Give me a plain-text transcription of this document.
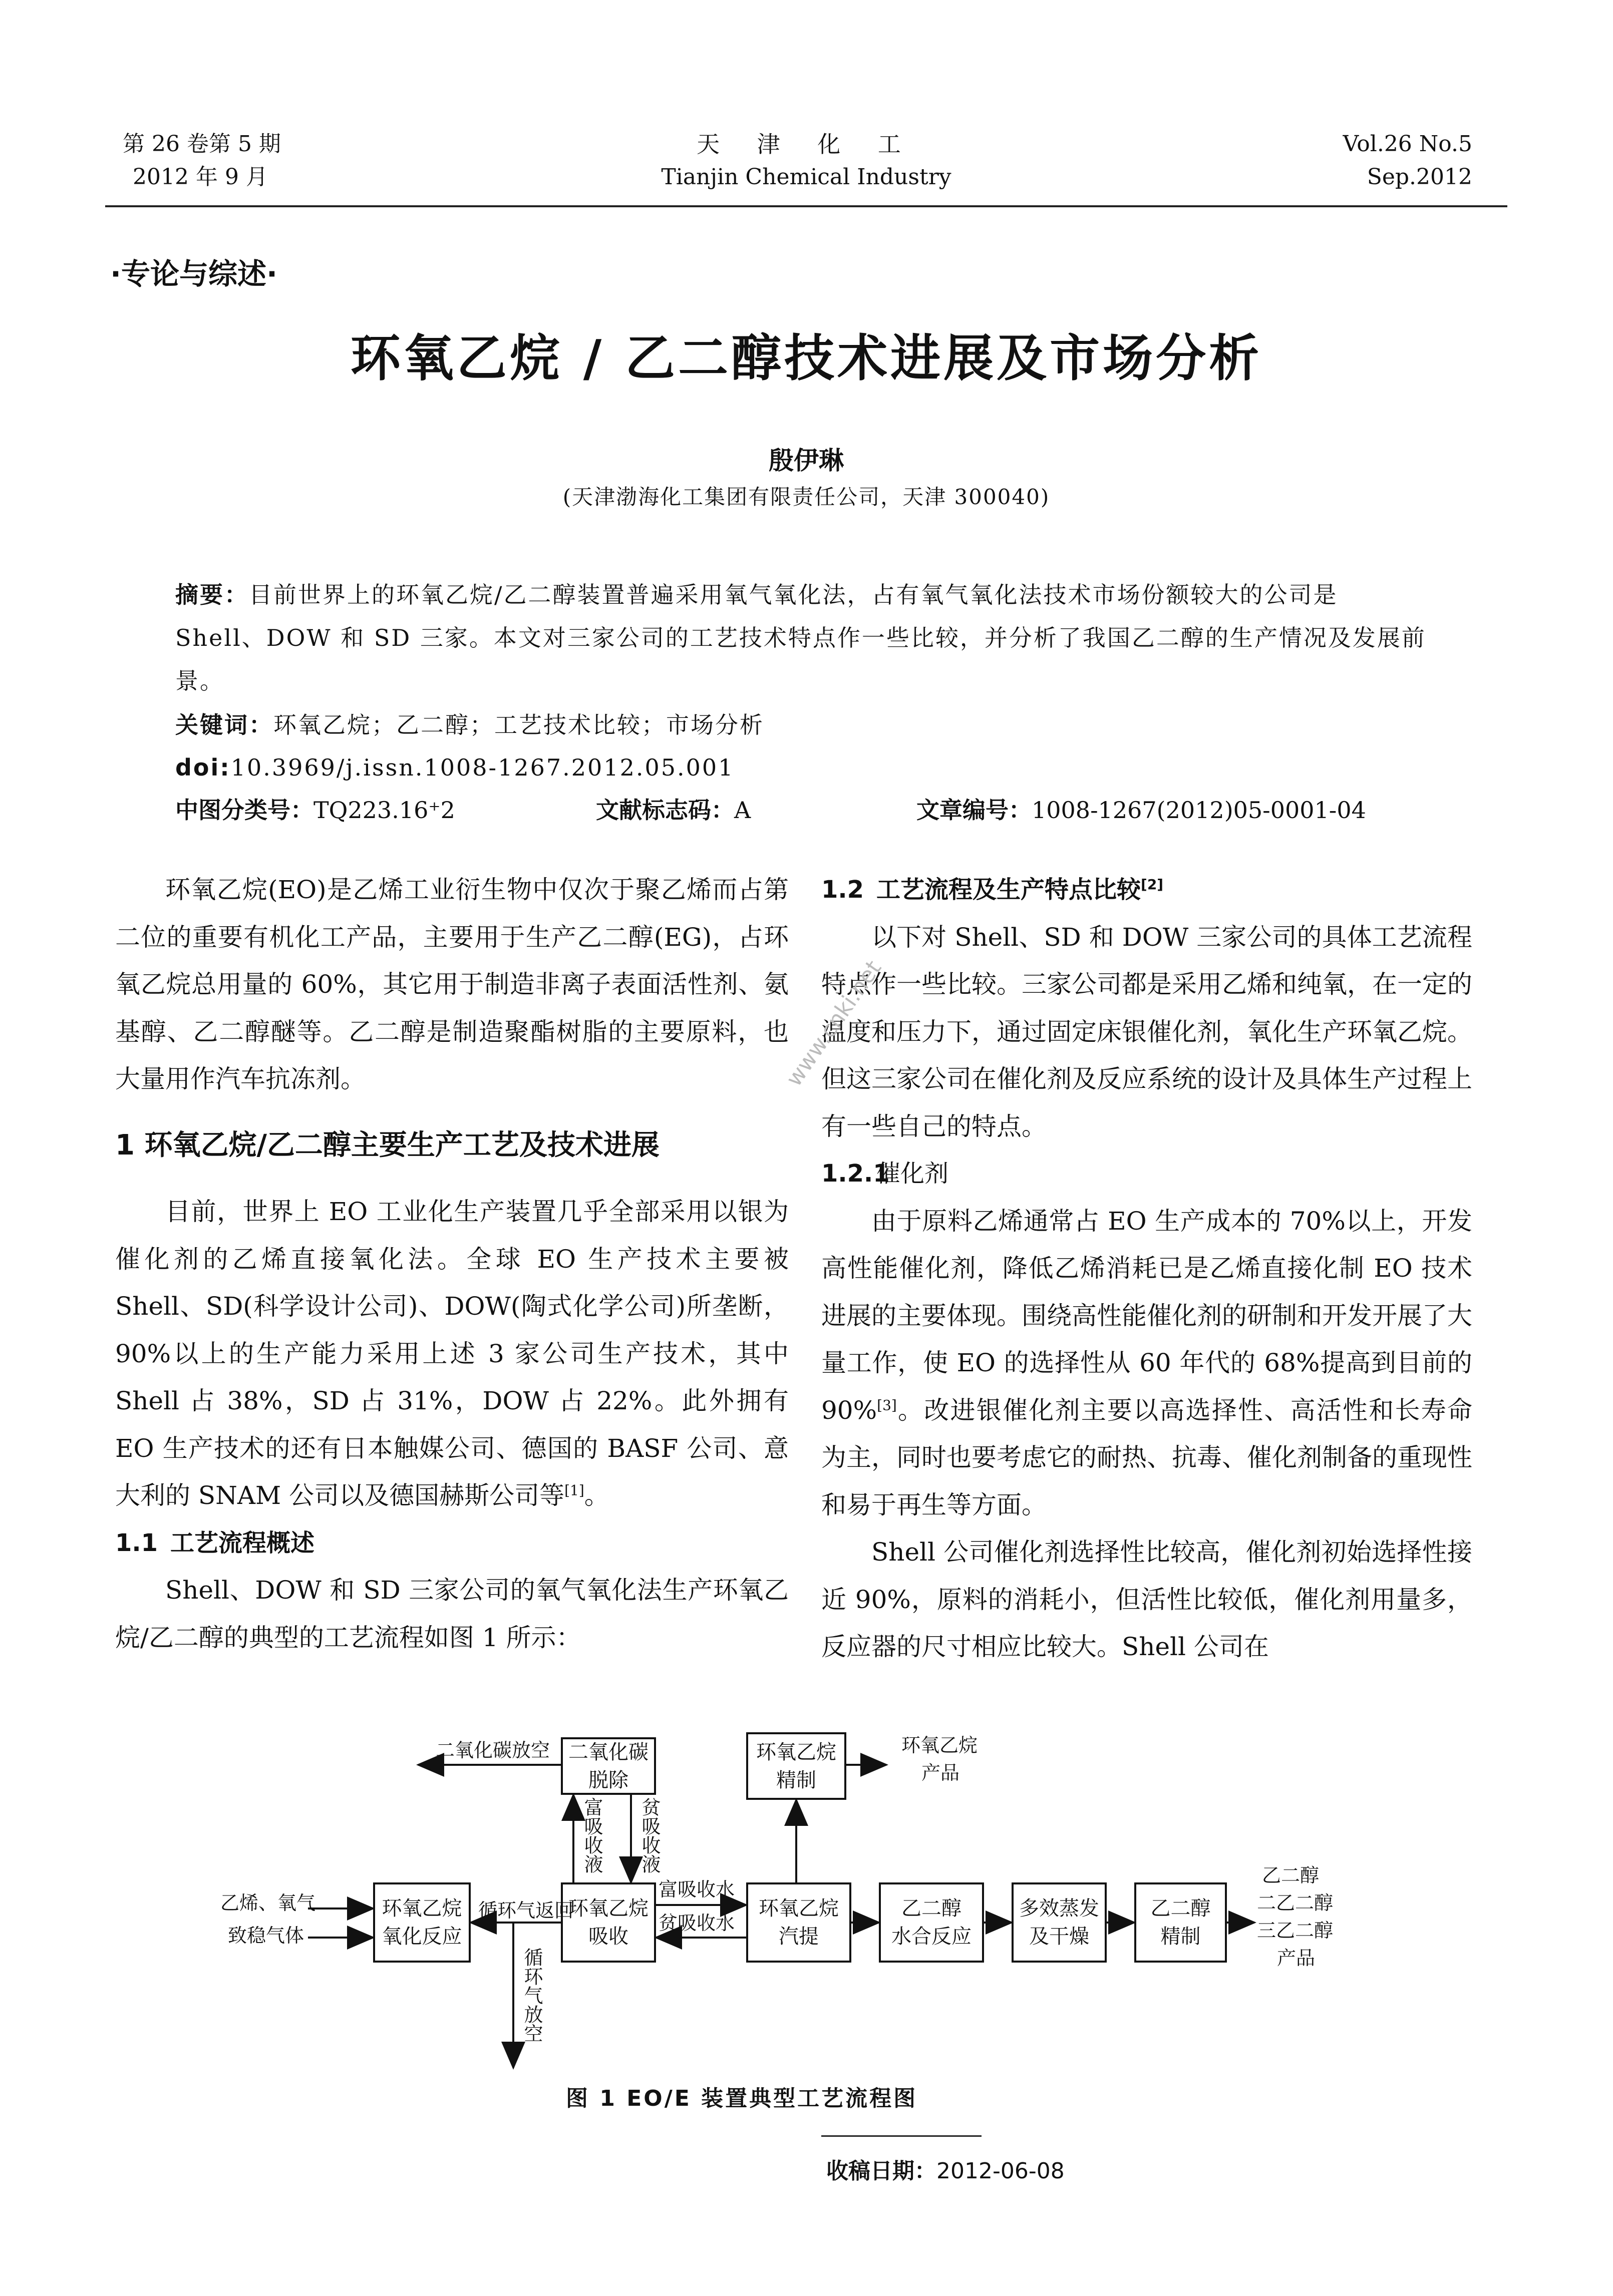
第 26 卷第 5 期
2012 年 9 月
天 津 化 工
Tianjin Chemical Industry
Vol.26 No.5
Sep.2012
·专论与综述·
环氧乙烷 / 乙二醇技术进展及市场分析
殷伊琳
(天津渤海化工集团有限责任公司，天津 300040)
摘要：目前世界上的环氧乙烷/乙二醇装置普遍采用氧气氧化法，占有氧气氧化法技术市场份额较大的公司是 Shell、DOW 和 SD 三家。本文对三家公司的工艺技术特点作一些比较，并分析了我国乙二醇的生产情况及发展前景。
关键词：环氧乙烷；乙二醇；工艺技术比较；市场分析
doi:10.3969/j.issn.1008-1267.2012.05.001
中图分类号：TQ223.16⁺2	文献标志码：A	文章编号：1008-1267(2012)05-0001-04

环氧乙烷(EO)是乙烯工业衍生物中仅次于聚乙烯而占第二位的重要有机化工产品，主要用于生产乙二醇(EG)，占环氧乙烷总用量的 60%，其它用于制造非离子表面活性剂、氨基醇、乙二醇醚等。乙二醇是制造聚酯树脂的主要原料，也大量用作汽车抗冻剂。

1 环氧乙烷/乙二醇主要生产工艺及技术进展

目前，世界上 EO 工业化生产装置几乎全部采用以银为催化剂的乙烯直接氧化法。全球 EO 生产技术主要被 Shell、SD(科学设计公司)、DOW(陶式化学公司)所垄断，90%以上的生产能力采用上述 3 家公司生产技术，其中 Shell 占 38%，SD 占 31%，DOW 占 22%。此外拥有 EO 生产技术的还有日本触媒公司、德国的 BASF 公司、意大利的 SNAM 公司以及德国赫斯公司等[1]。

1.1 工艺流程概述

Shell、DOW 和 SD 三家公司的氧气氧化法生产环氧乙烷/乙二醇的典型的工艺流程如图 1 所示：

1.2 工艺流程及生产特点比较[2]

以下对 Shell、SD 和 DOW 三家公司的具体工艺流程特点作一些比较。三家公司都是采用乙烯和纯氧，在一定的温度和压力下，通过固定床银催化剂，氧化生产环氧乙烷。但这三家公司在催化剂及反应系统的设计及具体生产过程上有一些自己的特点。

1.2.1催化剂

由于原料乙烯通常占 EO 生产成本的 70%以上，开发高性能催化剂，降低乙烯消耗已是乙烯直接化制 EO 技术进展的主要体现。围绕高性能催化剂的研制和开发开展了大量工作，使 EO 的选择性从 60 年代的 68%提高到目前的 90%[3]。改进银催化剂主要以高选择性、高活性和长寿命为主，同时也要考虑它的耐热、抗毒、催化剂制备的重现性和易于再生等方面。

Shell 公司催化剂选择性比较高，催化剂初始选择性接近 90%，原料的消耗小，但活性比较低，催化剂用量多，反应器的尺寸相应比较大。Shell 公司在

www.cnki.net
二氧化碳
脱除
环氧乙烷
精制
环氧乙烷
氧化反应
环氧乙烷
吸收
环氧乙烷
汽提
乙二醇
水合反应
多效蒸发
及干燥
乙二醇
精制
二氧化碳放空	环氧乙烷
产品
乙烯、氧气
致稳气体
循环气返回
循环气放空
富吸收液 贫吸收液
富吸收水
贫吸收水
乙二醇
二乙二醇
三乙二醇
产品
图 1 EO/E 装置典型工艺流程图
收稿日期：2012-06-08
